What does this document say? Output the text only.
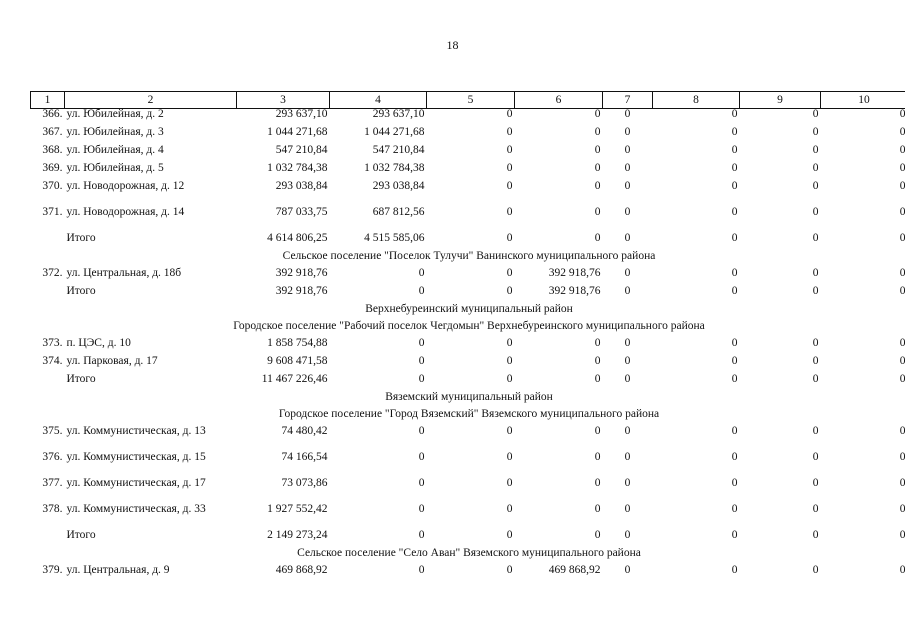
18
1	2	3	4	5	6	7	8	9	10
366.	ул. Юбилейная, д. 2	293 637,10	293 637,10	0	0	0	0	0	0
367.	ул. Юбилейная, д. 3	1 044 271,68	1 044 271,68	0	0	0	0	0	0
368.	ул. Юбилейная, д. 4	547 210,84	547 210,84	0	0	0	0	0	0
369.	ул. Юбилейная, д. 5	1 032 784,38	1 032 784,38	0	0	0	0	0	0
370.	ул. Новодорожная, д. 12	293 038,84	293 038,84	0	0	0	0	0	0
371.	ул. Новодорожная, д. 14	787 033,75	687 812,56	0	0	0	0	0	0
	Итого	4 614 806,25	4 515 585,06	0	0	0	0	0	0
Сельское поселение "Поселок Тулучи" Ванинского муниципального района									
372.	ул. Центральная, д. 18б	392 918,76	0	0	392 918,76	0	0	0	0
	Итого	392 918,76	0	0	392 918,76	0	0	0	0
Верхнебуреинский муниципальный район									
Городское поселение "Рабочий поселок Чегдомын" Верхнебуреинского муниципального района									
373.	п. ЦЭС, д. 10	1 858 754,88	0	0	0	0	0	0	0
374.	ул. Парковая, д. 17	9 608 471,58	0	0	0	0	0	0	0
	Итого	11 467 226,46	0	0	0	0	0	0	0
Вяземский муниципальный район									
Городское поселение "Город Вяземский" Вяземского муниципального района									
375.	ул. Коммунистическая, д. 13	74 480,42	0	0	0	0	0	0	0
376.	ул. Коммунистическая, д. 15	74 166,54	0	0	0	0	0	0	0
377.	ул. Коммунистическая, д. 17	73 073,86	0	0	0	0	0	0	0
378.	ул. Коммунистическая, д. 33	1 927 552,42	0	0	0	0	0	0	0
	Итого	2 149 273,24	0	0	0	0	0	0	0
Сельское поселение "Село Аван" Вяземского муниципального района									
379.	ул. Центральная, д. 9	469 868,92	0	0	469 868,92	0	0	0	0
